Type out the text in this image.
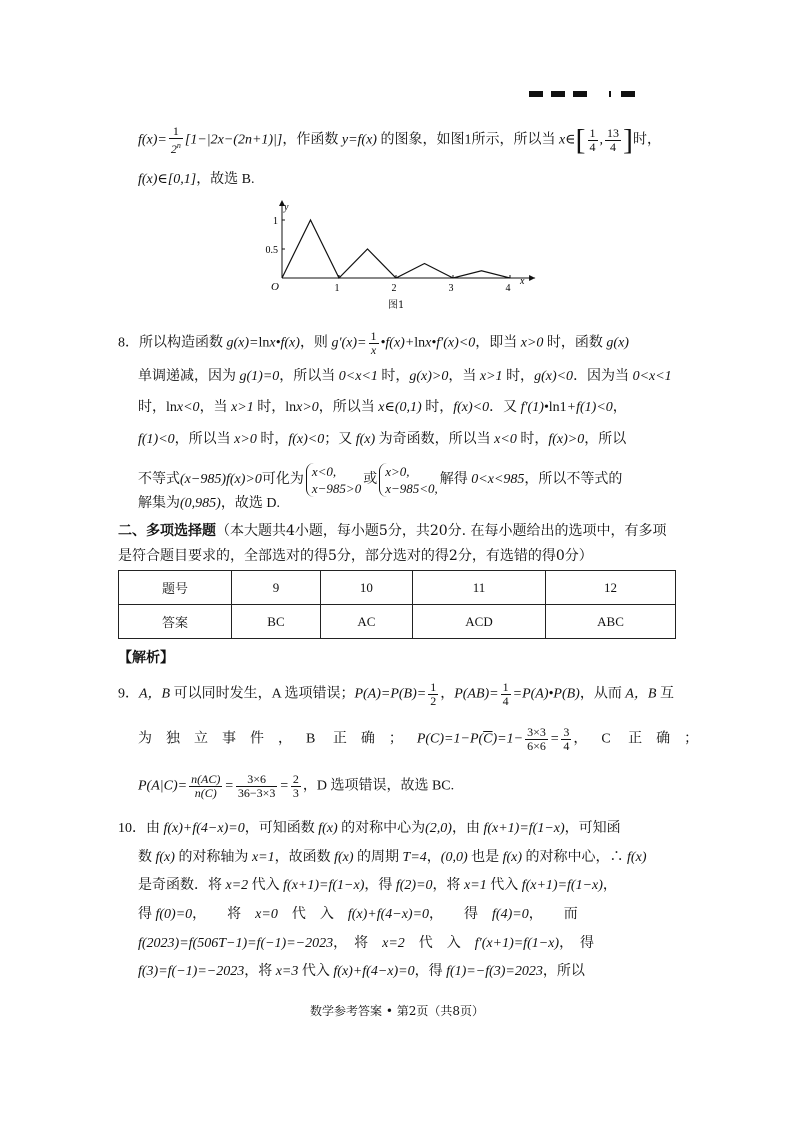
$f(x)= \frac{1}{2^n} [1-|2x-(2n+1)|]$，作函数 y=f(x) 的图象，如图1所示，所以当 x∈[ $\frac{1}{4}$ , $\frac{13}{4}$ ]时，
f(x)∈[0,1]，故选 B.
1
0.5
1	2	3	4
y
x
O
图1
8．所以构造函数 g(x)=lnx•f(x)，则 $g'(x)= \frac{1}{x}$ •f(x)+lnx•f′(x)<0，即当 x>0 时，函数 g(x)
单调递减，因为 g(1)=0，所以当 0<x<1 时，g(x)>0，当 x>1 时，g(x)<0．因为当 0<x<1
时，lnx<0，当 x>1 时，lnx>0，所以当 x∈(0,1) 时，f(x)<0．又 f′(1)•ln1+f(1)<0，
f(1)<0，所以当 x>0 时，f(x)<0；又 f(x) 为奇函数，所以当 x<0 时，f(x)>0，所以
不等式(x−985)f(x)>0可化为
x<0,
x−985>0
或
x>0,
x−985<0,
解得 0<x<985，所以不等式的
解集为(0,985)，故选 D.
二、多项选择题（本大题共4小题，每小题5分，共20分. 在每小题给出的选项中，有多项
是符合题目要求的，全部选对的得5分，部分选对的得2分，有选错的得0分）
题号	9	10	11	12
答案	BC	AC	ACD	ABC
【解析】
9．A，B 可以同时发生，A 选项错误；$P(A)=P(B)= \frac{1}{2}$ ，$P(AB)= \frac{1}{4}$ =P(A)•P(B)，从而 A，B 互
为独立事件，B 正确；$P(C)=1-P(\overline{C})=1- \frac{3\times 3}{6\times 6} = \frac{3}{4}$ ，C 正确；
$P(A|C)= \frac{n(AC)}{n(C)} = \frac{3\times 6}{36-3\times 3} = \frac{2}{3}$ ，D 选项错误，故选 BC.
10．由 f(x)+f(4−x)=0，可知函数 f(x) 的对称中心为(2,0)，由 f(x+1)=f(1−x)，可知函
数 f(x) 的对称轴为 x=1，故函数 f(x) 的周期 T=4，(0,0) 也是 f(x) 的对称中心，∴ f(x)
是奇函数．将 x=2 代入 f(x+1)=f(1−x)，得 f(2)=0，将 x=1 代入 f(x+1)=f(1−x)，
得 f(0)=0，　　将　x=0　代　入　f(x)+f(4−x)=0，　　得　f(4)=0，　　而
f(2023)=f(506T−1)=f(−1)=−2023，　将　x=2　代　入　f′(x+1)=f(1−x)，　得
f(3)=f(−1)=−2023，将 x=3 代入 f(x)+f(4−x)=0，得 f(1)=−f(3)=2023，所以
数学参考答案 • 第2页（共8页）
